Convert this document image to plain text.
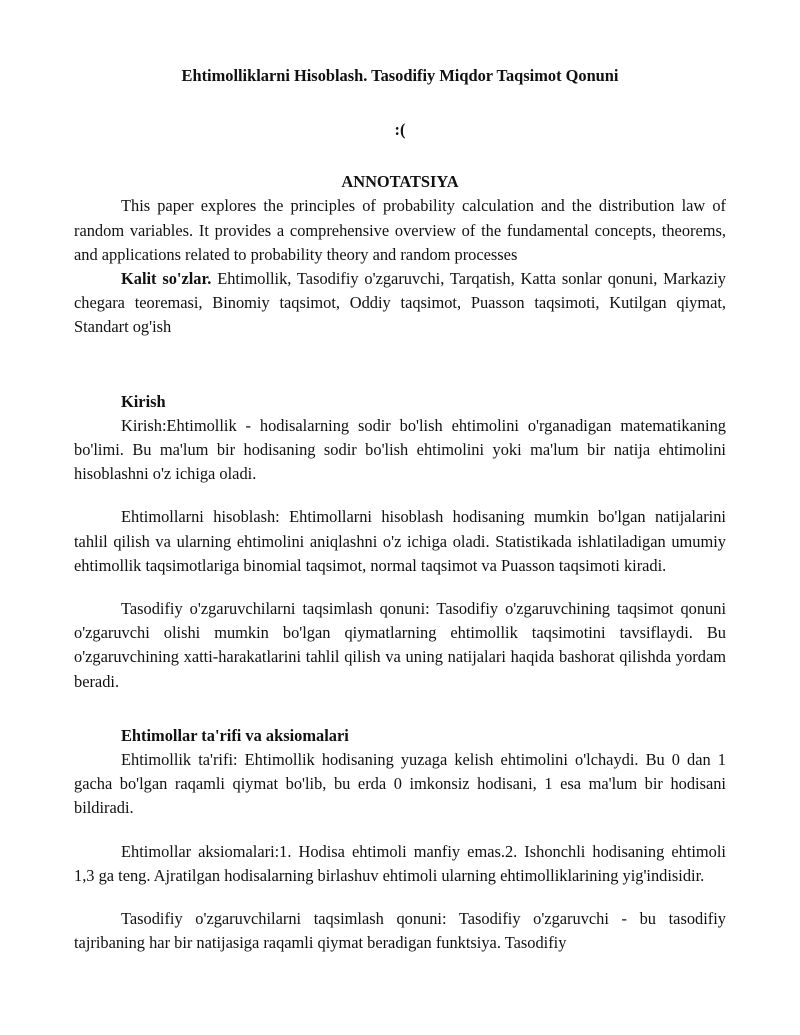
Ehtimolliklarni Hisoblash. Tasodifiy Miqdor Taqsimot Qonuni
:(
ANNOTATSIYA

This paper explores the principles of probability calculation and the distribution law of random variables. It provides a comprehensive overview of the fundamental concepts, theorems, and applications related to probability theory and random processes

Kalit so'zlar. Ehtimollik, Tasodifiy o'zgaruvchi, Tarqatish, Katta sonlar qonuni, Markaziy chegara teoremasi, Binomiy taqsimot, Oddiy taqsimot, Puasson taqsimoti, Kutilgan qiymat, Standart og'ish

Kirish

Kirish:Ehtimollik - hodisalarning sodir bo'lish ehtimolini o'rganadigan matematikaning bo'limi. Bu ma'lum bir hodisaning sodir bo'lish ehtimolini yoki ma'lum bir natija ehtimolini hisoblashni o'z ichiga oladi.

Ehtimollarni hisoblash: Ehtimollarni hisoblash hodisaning mumkin bo'lgan natijalarini tahlil qilish va ularning ehtimolini aniqlashni o'z ichiga oladi. Statistikada ishlatiladigan umumiy ehtimollik taqsimotlariga binomial taqsimot, normal taqsimot va Puasson taqsimoti kiradi.

Tasodifiy o'zgaruvchilarni taqsimlash qonuni: Tasodifiy o'zgaruvchining taqsimot qonuni o'zgaruvchi olishi mumkin bo'lgan qiymatlarning ehtimollik taqsimotini tavsiflaydi. Bu o'zgaruvchining xatti-harakatlarini tahlil qilish va uning natijalari haqida bashorat qilishda yordam beradi.

Ehtimollar ta'rifi va aksiomalari

Ehtimollik ta'rifi: Ehtimollik hodisaning yuzaga kelish ehtimolini o'lchaydi. Bu 0 dan 1 gacha bo'lgan raqamli qiymat bo'lib, bu erda 0 imkonsiz hodisani, 1 esa ma'lum bir hodisani bildiradi.

Ehtimollar aksiomalari:1. Hodisa ehtimoli manfiy emas.2. Ishonchli hodisaning ehtimoli 1,3 ga teng. Ajratilgan hodisalarning birlashuv ehtimoli ularning ehtimolliklarining yig'indisidir.

Tasodifiy o'zgaruvchilarni taqsimlash qonuni: Tasodifiy o'zgaruvchi - bu tasodifiy tajribaning har bir natijasiga raqamli qiymat beradigan funktsiya. Tasodifiy
